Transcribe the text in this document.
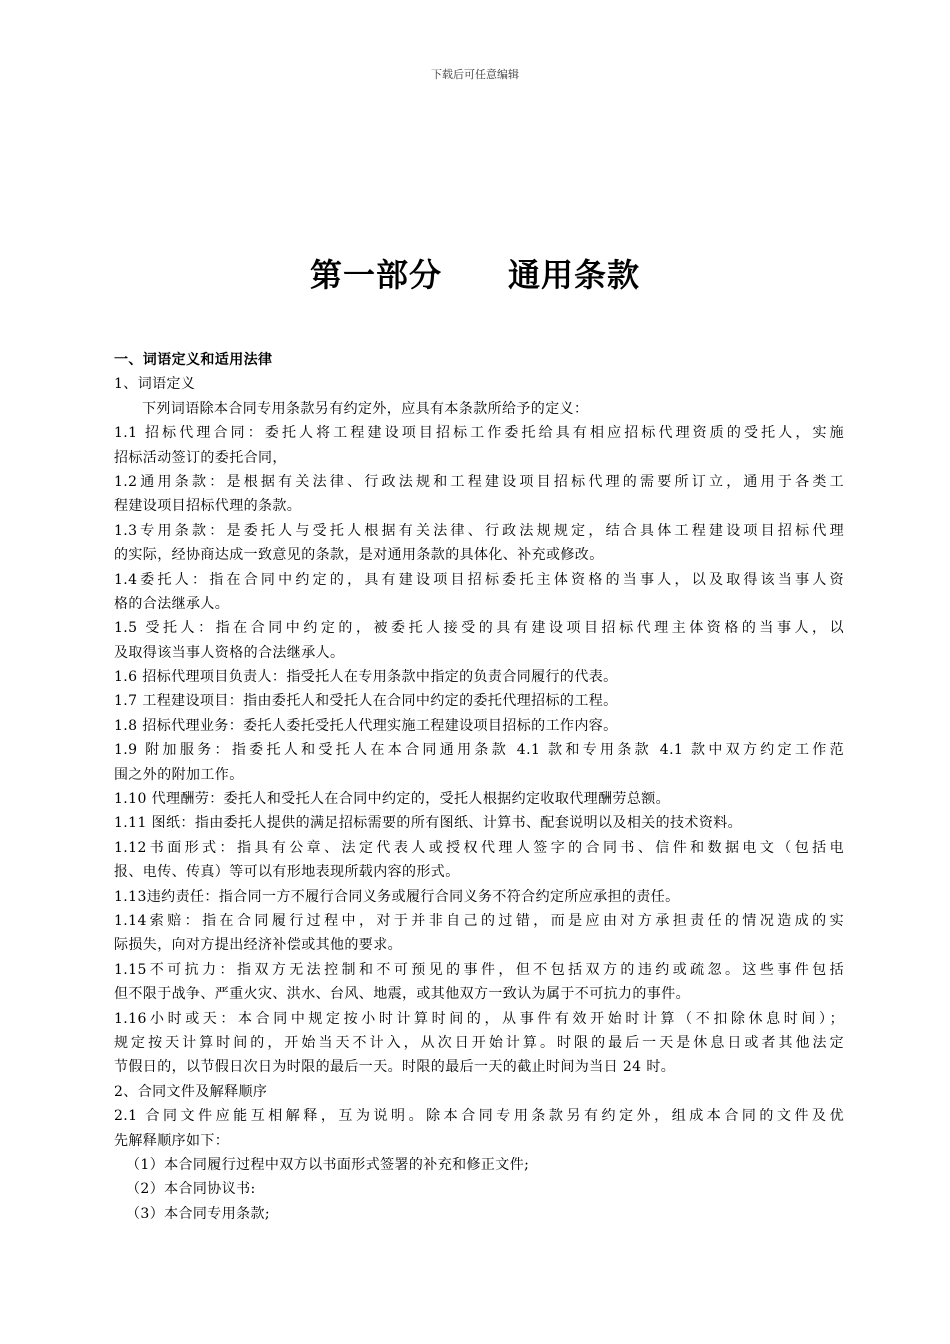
下载后可任意编辑
第一部分　　通用条款
一、词语定义和适用法律
1、词语定义
下列词语除本合同专用条款另有约定外，应具有本条款所给予的定义：
1.1 招标代理合同：委托人将工程建设项目招标工作委托给具有相应招标代理资质的受托人，实施
招标活动签订的委托合同，
1.2通用条款：是根据有关法律、行政法规和工程建设项目招标代理的需要所订立，通用于各类工
程建设项目招标代理的条款。
1.3专用条款：是委托人与受托人根据有关法律、行政法规规定，结合具体工程建设项目招标代理
的实际，经协商达成一致意见的条款，是对通用条款的具体化、补充或修改。
1.4委托人：指在合同中约定的，具有建设项目招标委托主体资格的当事人，以及取得该当事人资
格的合法继承人。
1.5 受托人：指在合同中约定的，被委托人接受的具有建设项目招标代理主体资格的当事人，以
及取得该当事人资格的合法继承人。
1.6 招标代理项目负责人：指受托人在专用条款中指定的负责合同履行的代表。
1.7 工程建设项目：指由委托人和受托人在合同中约定的委托代理招标的工程。
1.8 招标代理业务：委托人委托受托人代理实施工程建设项目招标的工作内容。
1.9 附加服务：指委托人和受托人在本合同通用条款 4.1 款和专用条款 4.1 款中双方约定工作范
围之外的附加工作。
1.10 代理酬劳：委托人和受托人在合同中约定的，受托人根据约定收取代理酬劳总额。
1.11 图纸：指由委托人提供的满足招标需要的所有图纸、计算书、配套说明以及相关的技术资料。
1.12书面形式：指具有公章、法定代表人或授权代理人签字的合同书、信件和数据电文（包括电
报、电传、传真）等可以有形地表现所载内容的形式。
1.13违约责任：指合同一方不履行合同义务或履行合同义务不符合约定所应承担的责任。
1.14索赔：指在合同履行过程中，对于并非自己的过错，而是应由对方承担责任的情况造成的实
际损失，向对方提出经济补偿或其他的要求。
1.15不可抗力：指双方无法控制和不可预见的事件，但不包括双方的违约或疏忽。这些事件包括
但不限于战争、严重火灾、洪水、台风、地震，或其他双方一致认为属于不可抗力的事件。
1.16小时或天：本合同中规定按小时计算时间的，从事件有效开始时计算（不扣除休息时间）；
规定按天计算时间的，开始当天不计入，从次日开始计算。时限的最后一天是休息日或者其他法定
节假日的，以节假日次日为时限的最后一天。时限的最后一天的截止时间为当日 24 时。
2、合同文件及解释顺序
2.1 合同文件应能互相解释，互为说明。除本合同专用条款另有约定外，组成本合同的文件及优
先解释顺序如下：
（1）本合同履行过程中双方以书面形式签署的补充和修正文件;
（2）本合同协议书:
（3）本合同专用条款;
